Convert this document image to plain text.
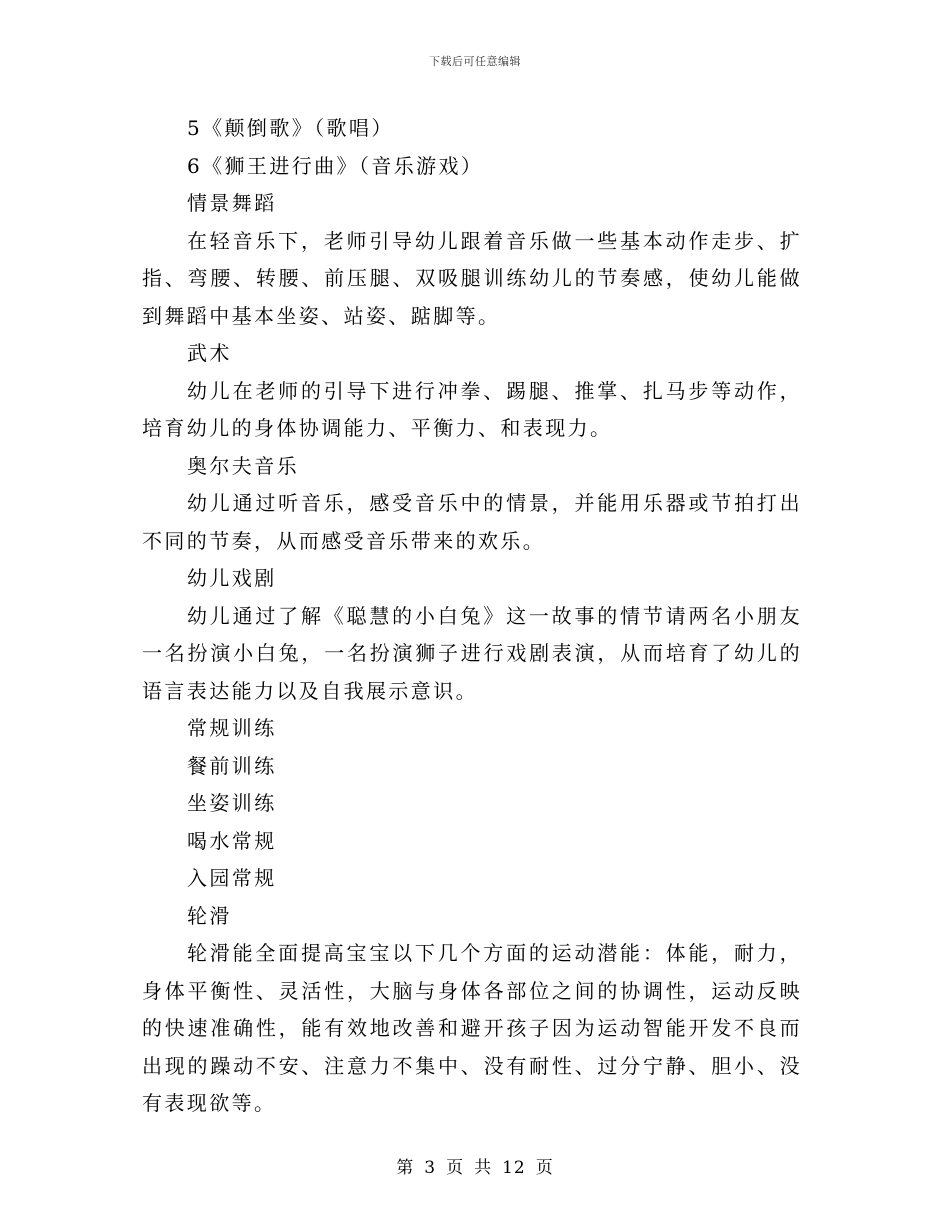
下载后可任意编辑
5《颠倒歌》（歌唱）
6《狮王进行曲》（音乐游戏）
情景舞蹈
在轻音乐下，老师引导幼儿跟着音乐做一些基本动作走步、扩指、弯腰、转腰、前压腿、双吸腿训练幼儿的节奏感，使幼儿能做到舞蹈中基本坐姿、站姿、踮脚等。
武术
幼儿在老师的引导下进行冲拳、踢腿、推掌、扎马步等动作，培育幼儿的身体协调能力、平衡力、和表现力。
奥尔夫音乐
幼儿通过听音乐，感受音乐中的情景，并能用乐器或节拍打出不同的节奏，从而感受音乐带来的欢乐。
幼儿戏剧
幼儿通过了解《聪慧的小白兔》这一故事的情节请两名小朋友一名扮演小白兔，一名扮演狮子进行戏剧表演，从而培育了幼儿的语言表达能力以及自我展示意识。
常规训练
餐前训练
坐姿训练
喝水常规
入园常规
轮滑
轮滑能全面提高宝宝以下几个方面的运动潜能：体能，耐力，身体平衡性、灵活性，大脑与身体各部位之间的协调性，运动反映的快速准确性，能有效地改善和避开孩子因为运动智能开发不良而出现的躁动不安、注意力不集中、没有耐性、过分宁静、胆小、没有表现欲等。
第 3 页 共 12 页
